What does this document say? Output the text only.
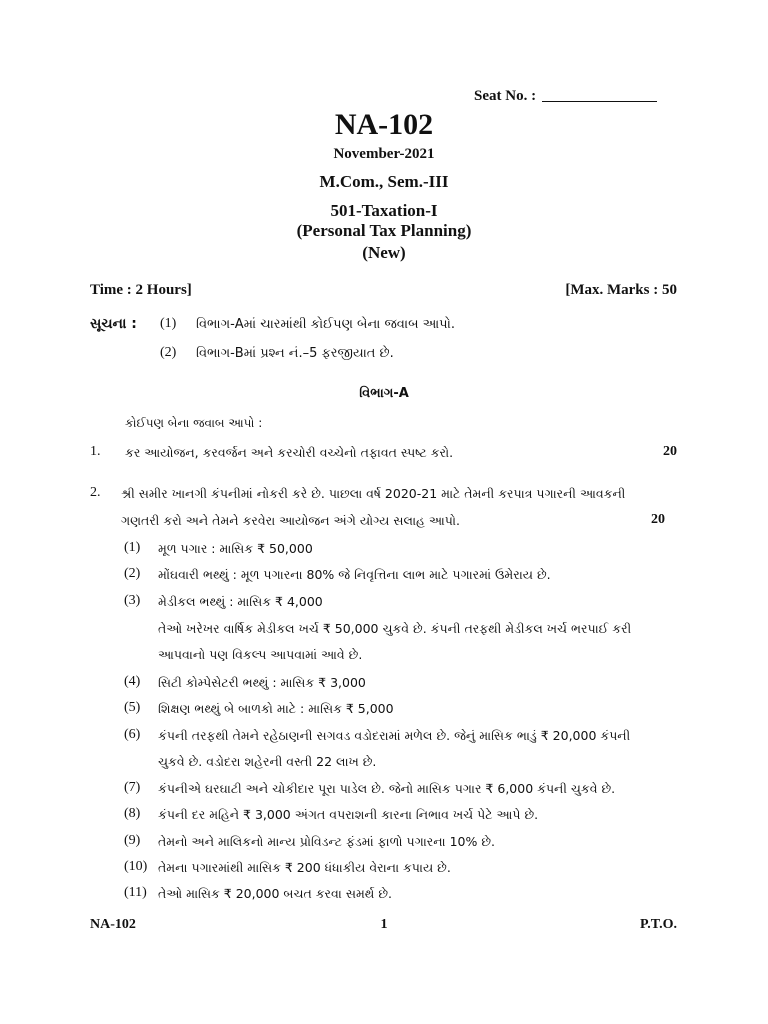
Seat No. :
NA-102
November-2021
M.Com., Sem.-III
501-Taxation-I
(Personal Tax Planning)
(New)
Time : 2 Hours]	[Max. Marks : 50
સૂચના : (1) વિભાગ-Aમાં ચારમાંથી કોઈપણ બેના જવાબ આપો.
(2) વિભાગ-Bમાં પ્રશ્ન નં.–5 ફરજીયાત છે.
વિભાગ-A
કોઈપણ બેના જવાબ આપો :
1. કર આયોજન, કરવર્જન અને કરચોરી વચ્ચેનો તફાવત સ્પષ્ટ કરો.	20
2. શ્રી સમીર ખાનગી કંપનીમાં નોકરી કરે છે. પાછલા વર્ષ 2020-21 માટે તેમની કરપાત્ર પગારની આવકની
ગણતરી કરો અને તેમને કરવેરા આયોજન અંગે યોગ્ય સલાહ આપો.	20
(1) મૂળ પગાર : માસિક ₹ 50,000
(2) મોંઘવારી ભથ્થું : મૂળ પગારના 80% જે નિવૃત્તિના લાભ માટે પગારમાં ઉમેરાય છે.
(3) મેડીકલ ભથ્થું : માસિક ₹ 4,000
તેઓ ખરેખર વાર્ષિક મેડીકલ ખર્ચ ₹ 50,000 ચુકવે છે. કંપની તરફથી મેડીકલ ખર્ચ ભરપાઈ કરી
આપવાનો પણ વિકલ્પ આપવામાં આવે છે.
(4) સિટી કોમ્પેસેટરી ભથ્થું : માસિક ₹ 3,000
(5) શિક્ષણ ભથ્થું બે બાળકો માટે : માસિક ₹ 5,000
(6) કંપની તરફથી તેમને રહેઠાણની સગવડ વડોદરામાં મળેલ છે. જેનું માસિક ભાડું ₹ 20,000 કંપની
ચુકવે છે. વડોદરા શહેરની વસ્તી 22 લાખ છે.
(7) કંપનીએ ઘરઘાટી અને ચોકીદાર પૂરા પાડેલ છે. જેનો માસિક પગાર ₹ 6,000 કંપની ચુકવે છે.
(8) કંપની દર મહિને ₹ 3,000 અંગત વપરાશની કારના નિભાવ ખર્ચ પેટે આપે છે.
(9) તેમનો અને માલિકનો માન્ય પ્રોવિડન્ટ ફંડમાં ફાળો પગારના 10% છે.
(10) તેમના પગારમાંથી માસિક ₹ 200 ધંધાકીય વેરાના કપાય છે.
(11) તેઓ માસિક ₹ 20,000 બચત કરવા સમર્થ છે.
NA-102	1	P.T.O.
